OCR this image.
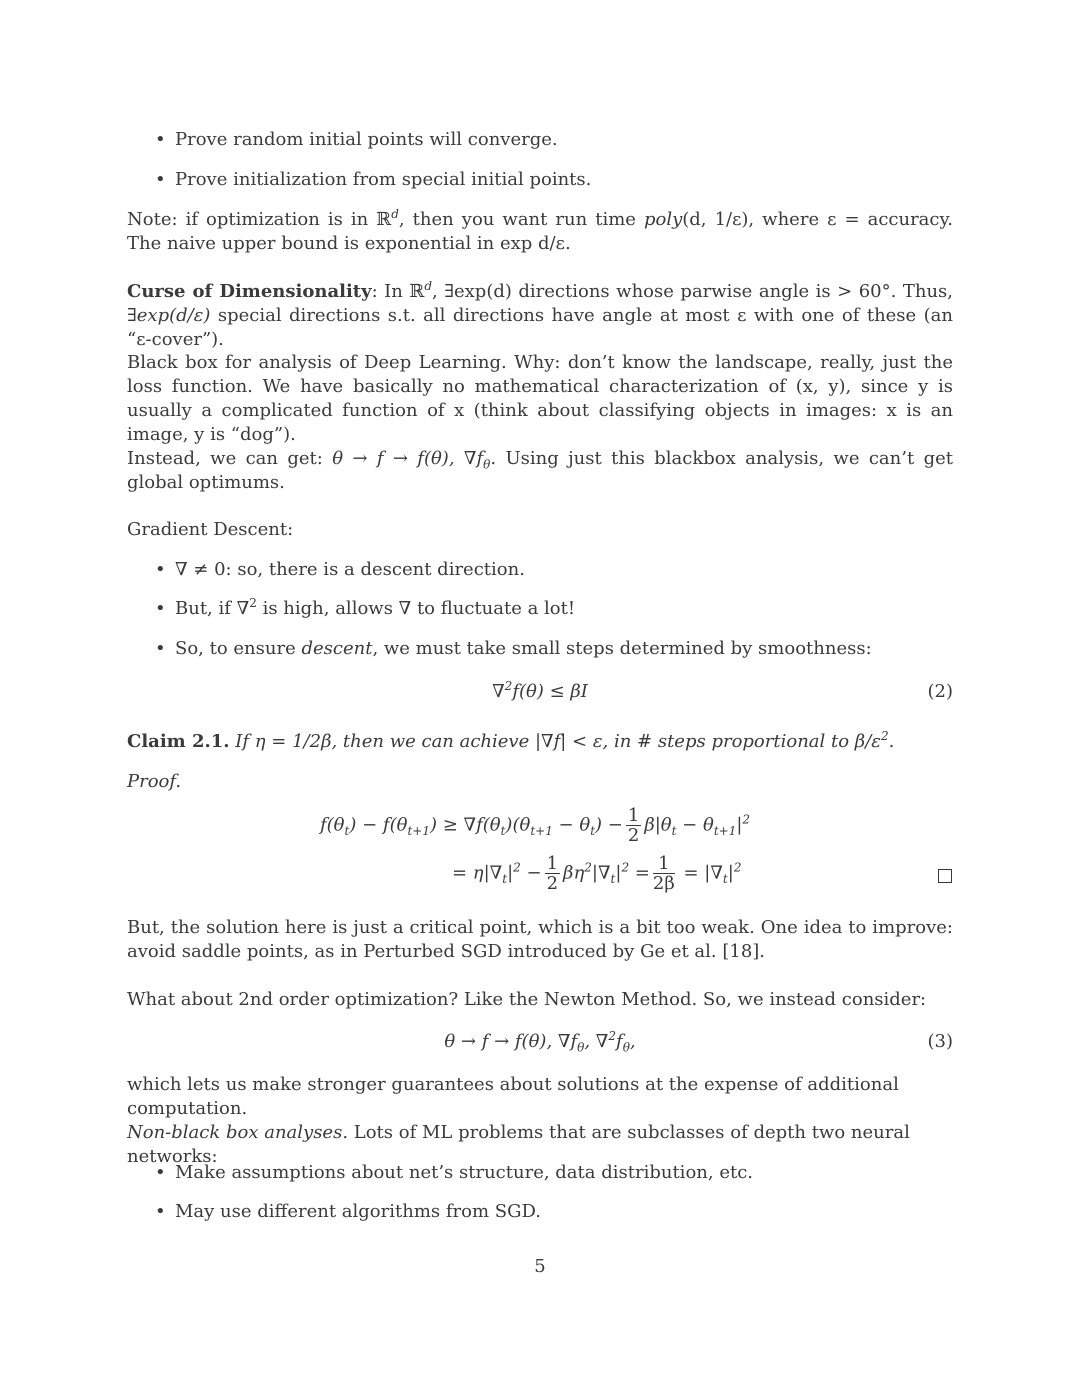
• Prove random initial points will converge.
• Prove initialization from special initial points.

Note: if optimization is in ℝ$^d$, then you want run time poly(d, 1/ε), where ε = accuracy. The naive upper bound is exponential in exp d/ε.

Curse of Dimensionality: In ℝ$^d$, ∃exp(d) directions whose parwise angle is > 60°. Thus, ∃exp(d/ε) special directions s.t. all directions have angle at most ε with one of these (an “ε-cover”).

Black box for analysis of Deep Learning. Why: don’t know the landscape, really, just the loss function. We have basically no mathematical characterization of (x, y), since y is usually a complicated function of x (think about classifying objects in images: x is an image, y is “dog”).

Instead, we can get: θ → f → f(θ), $\nabla f_\theta$. Using just this blackbox analysis, we can’t get global optimums.

Gradient Descent:

• ∇ ≠ 0: so, there is a descent direction.
• But, if ∇$^2$ is high, allows ∇ to fluctuate a lot!
• So, to ensure descent, we must take small steps determined by smoothness:
∇$^2$f(θ) ≤ βI	(2)

Claim 2.1. If η = 1/2β, then we can achieve |∇f| < ε, in # steps proportional to $\beta/\varepsilon^2$.

Proof.

$f(\theta_t) - f(\theta_{t+1}) \ge \nabla f(\theta_t)(\theta_{t+1} - \theta_t) - \frac{1}{2} \beta|\theta_t - \theta_{t+1}|^2$
= $\eta|\nabla_t|^2 - \frac{1}{2} \beta\eta^2|\nabla_t|^2 = \frac{1}{2\beta} = |\nabla_t|^2$

But, the solution here is just a critical point, which is a bit too weak. One idea to improve: avoid saddle points, as in Perturbed SGD introduced by Ge et al. [18].

What about 2nd order optimization? Like the Newton Method. So, we instead consider:

θ → f → f(θ), $\nabla f_\theta$, $\nabla^2f_\theta$,	(3)

which lets us make stronger guarantees about solutions at the expense of additional computation.

Non-black box analyses. Lots of ML problems that are subclasses of depth two neural networks:

• Make assumptions about net’s structure, data distribution, etc.
• May use different algorithms from SGD.
5
